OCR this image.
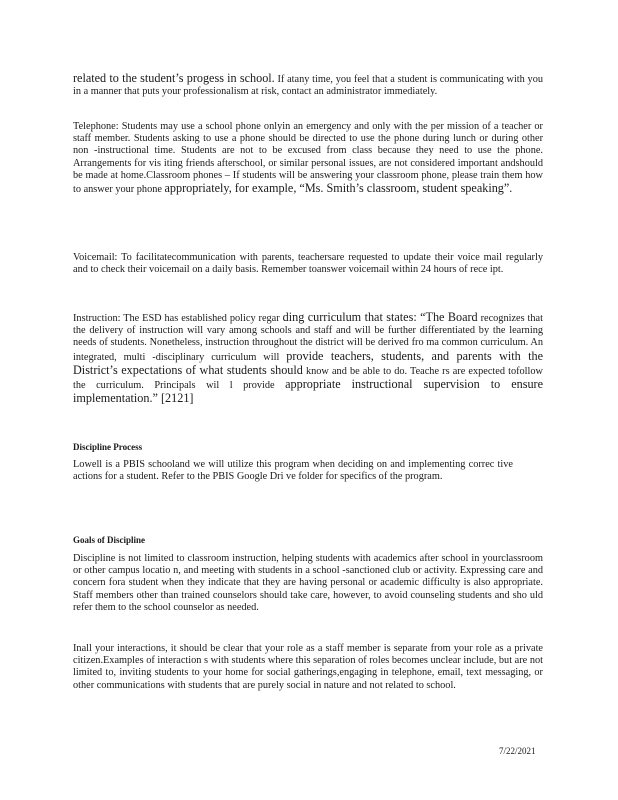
related to the student’s progess in school. If atany time, you feel that a student is communicating with you in a manner that puts your professionalism at risk, contact an administrator immediately.

Telephone: Students may use a school phone onlyin an emergency and only with the per mission of a teacher or staff member. Students asking to use a phone should be directed to use the phone during lunch or during other non -instructional time. Students are not to be excused from class because they need to use the phone. Arrangements for vis iting friends afterschool, or similar personal issues, are not considered important andshould be made at home.Classroom phones – If students will be answering your classroom phone, please train them how to answer your phone appropriately, for example, “Ms. Smith’s classroom, student speaking”.

Voicemail: To facilitatecommunication with parents, teachersare requested to update their voice mail regularly and to check their voicemail on a daily basis. Remember toanswer voicemail within 24 hours of rece ipt.

Instruction: The ESD has established policy regar ding curriculum that states: “The Board recognizes that the delivery of instruction will vary among schools and staff and will be further differentiated by the learning needs of students. Nonetheless, instruction throughout the district will be derived fro ma common curriculum. An integrated, multi -disciplinary curriculum will provide teachers, students, and parents with the District’s expectations of what students should know and be able to do. Teache rs are expected tofollow the curriculum. Principals wil l provide appropriate instructional supervision to ensure implementation.” [2121]

Discipline Process

Lowell is a PBIS schooland we will utilize this program when deciding on and implementing correc tive actions for a student. Refer to the PBIS Google Dri ve folder for specifics of the program.

Goals of Discipline

Discipline is not limited to classroom instruction, helping students with academics after school in yourclassroom or other campus locatio n, and meeting with students in a school -sanctioned club or activity. Expressing care and concern fora student when they indicate that they are having personal or academic difficulty is also appropriate. Staff members other than trained counselors should take care, however, to avoid counseling students and sho uld refer them to the school counselor as needed.

Inall your interactions, it should be clear that your role as a staff member is separate from your role as a private citizen.Examples of interaction s with students where this separation of roles becomes unclear include, but are not limited to, inviting students to your home for social gatherings,engaging in telephone, email, text messaging, or other communications with students that are purely social in nature and not related to school.

7/22/2021
